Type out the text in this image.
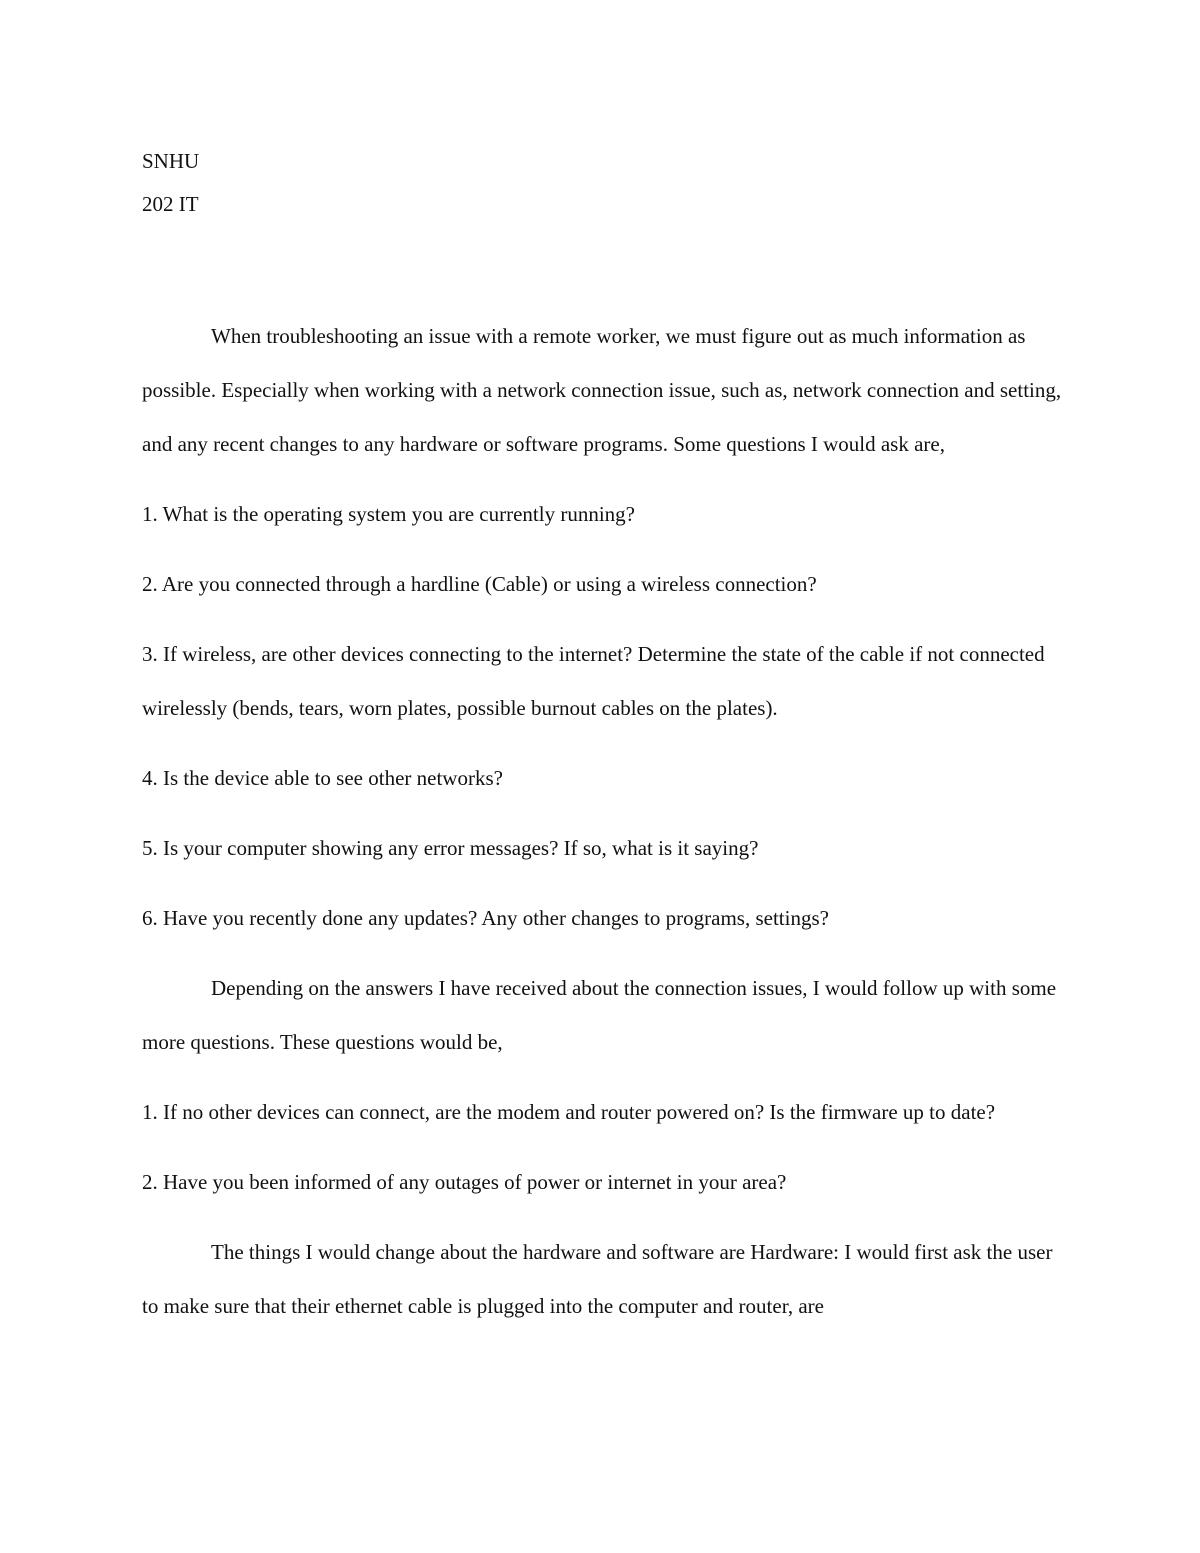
SNHU

202 IT

When troubleshooting an issue with a remote worker, we must figure out as much information as possible. Especially when working with a network connection issue, such as, network connection and setting, and any recent changes to any hardware or software programs. Some questions I would ask are,

1. What is the operating system you are currently running?
2. Are you connected through a hardline (Cable) or using a wireless connection?
3. If wireless, are other devices connecting to the internet? Determine the state of the cable if not connected wirelessly (bends, tears, worn plates, possible burnout cables on the plates).
4. Is the device able to see other networks?
5. Is your computer showing any error messages? If so, what is it saying?
6. Have you recently done any updates? Any other changes to programs, settings?

Depending on the answers I have received about the connection issues, I would follow up with some more questions. These questions would be,

1. If no other devices can connect, are the modem and router powered on? Is the firmware up to date?
2. Have you been informed of any outages of power or internet in your area?

The things I would change about the hardware and software are Hardware: I would first ask the user to make sure that their ethernet cable is plugged into the computer and router, are
